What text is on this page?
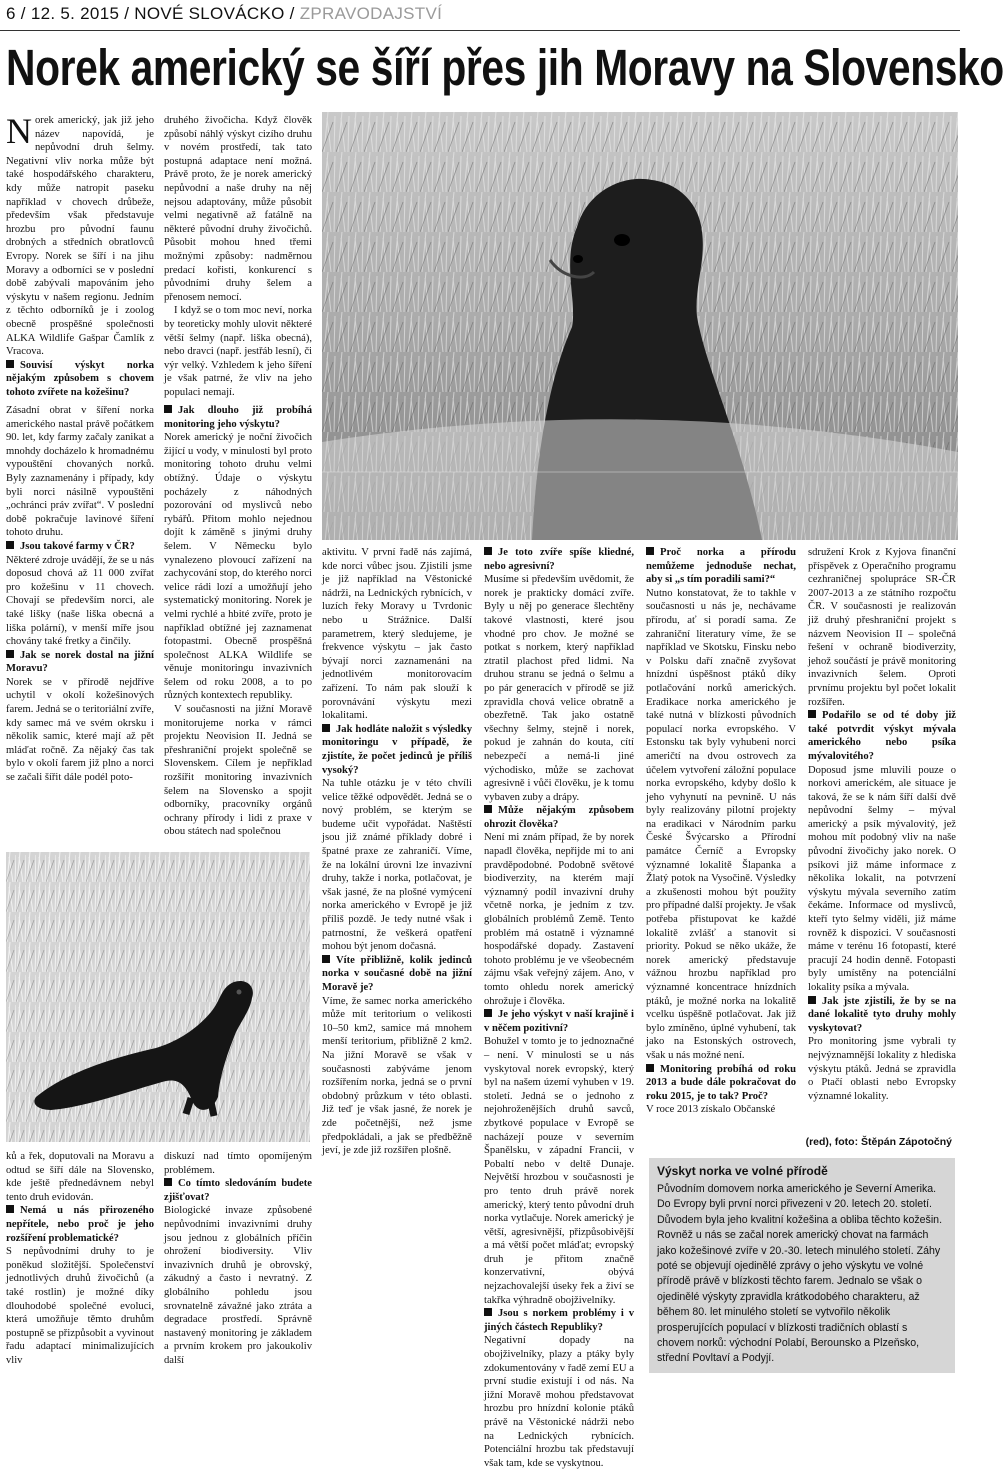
6 / 12. 5. 2015 / NOVÉ SLOVÁCKO / ZPRAVODAJSTVÍ
Norek americký se šíří přes jih Moravy na Slovensko

Norek americký, jak již jeho název napovídá, je nepůvodní druh šelmy. Negativní vliv norka může být také hospodářského charakteru, kdy může natropit paseku například v chovech drůbeže, především však představuje hrozbu pro původní faunu drobných a středních obratlovců Evropy. Norek se šíří i na jihu Moravy a odborníci se v poslední době zabývali mapováním jeho výskytu v našem regionu. Jedním z těchto odborníků je i zoolog obecně prospěšné společnosti ALKA Wildlife Gašpar Čamlík z Vracova.

Souvisí výskyt norka nějakým způsobem s chovem tohoto zvířete na kožešinu?

druhého živočicha. Když člověk způsobí náhlý výskyt cizího druhu v novém prostředí, tak tato postupná adaptace není možná. Právě proto, že je norek americký nepůvodní a naše druhy na něj nejsou adaptovány, může působit velmi negativně až fatálně na některé původní druhy živočichů. Působit mohou hned třemi možnými způsoby: nadměrnou predací kořisti, konkurencí s původními druhy šelem a přenosem nemocí.

I když se o tom moc neví, norka by teoreticky mohly ulovit některé větší šelmy (např. liška obecná), nebo dravci (např. jestřáb lesní), či výr velký. Vzhledem k jeho šíření je však patrné, že vliv na jeho populaci nemají.

Zásadní obrat v šíření norka amerického nastal právě počátkem 90. let, kdy farmy začaly zanikat a mnohdy docházelo k hromadnému vypouštění chovaných norků. Byly zaznamenány i případy, kdy byli norci násilně vypouštěni „ochránci práv zvířat“. V poslední době pokračuje lavinové šíření tohoto druhu.

Jsou takové farmy v ČR?

Některé zdroje uvádějí, že se u nás doposud chová až 11 000 zvířat pro kožešinu v 11 chovech. Chovají se především norci, ale také lišky (naše liška obecná a liška polární), v menší míře jsou chovány také fretky a činčily.

Jak se norek dostal na jižní Moravu?

Norek se v přírodě nejdříve uchytil v okolí kožešinových farem. Jedná se o teritoriální zvíře, kdy samec má ve svém okrsku i několik samic, které mají až pět mláďat ročně. Za nějaký čas tak bylo v okolí farem již plno a norci se začali šířit dále podél poto-

Jak dlouho již probíhá monitoring jeho výskytu?

Norek americký je noční živočich žijící u vody, v minulosti byl proto monitoring tohoto druhu velmi obtížný. Údaje o výskytu pocházely z náhodných pozorování od myslivců nebo rybářů. Přitom mohlo nejednou dojít k záměně s jinými druhy šelem. V Německu bylo vynalezeno plovoucí zařízení na zachycování stop, do kterého norci velice rádi lozí a umožňují jeho systematický monitoring. Norek je velmi rychlé a hbité zvíře, proto je například obtížné jej zaznamenat fotopastmi. Obecně prospěšná společnost ALKA Wildlife se věnuje monitoringu invazivních šelem od roku 2008, a to po různých kontextech republiky.

V současnosti na jižní Moravě monitorujeme norka v rámci projektu Neovision II. Jedná se přeshraniční projekt společně se Slovenskem. Cílem je nepříklad rozšířit monitoring invazivních šelem na Slovensko a spojit odborníky, pracovníky orgánů ochrany přírody i lidi z praxe v obou státech nad společnou

ků a řek, doputovali na Moravu a odtud se šíří dále na Slovensko, kde ještě přednedávnem nebyl tento druh evidován.

Nemá u nás přirozeného nepřítele, nebo proč je jeho rozšíření problematické?

S nepůvodními druhy to je poněkud složitější. Společenství jednotlivých druhů živočichů (a také rostlin) je možné díky dlouhodobé společné evoluci, která umožňuje těmto druhům postupně se přizpůsobit a vyvinout řadu adaptací minimalizujících vliv

aktivitu. V první řadě nás zajímá, kde norci vůbec jsou. Zjistili jsme je již například na Věstonické nádrži, na Lednických rybnících, v luzích řeky Moravy u Tvrdonic nebo u Strážnice. Další parametrem, který sledujeme, je frekvence výskytu – jak často bývají norci zaznamenáni na jednotlivém monitorovacím zařízení. To nám pak slouží k porovnávání výskytu mezi lokalitami.

Jak hodláte naložit s výsledky monitoringu v případě, že zjistíte, že počet jedinců je příliš vysoký?

Na tuhle otázku je v této chvíli velice těžké odpovědět. Jedná se o nový problém, se kterým se budeme učit vypořádat. Naštěstí jsou již známé příklady dobré i špatné praxe ze zahraničí. Víme, že na lokální úrovni lze invazivní druhy, takže i norka, potlačovat, je však jasné, že na plošné vymýcení norka amerického v Evropě je již příliš pozdě. Je tedy nutné však i patrnostní, že veškerá opatření mohou být jenom dočasná.

Víte přibližně, kolik jedinců norka v současné době na jižní Moravě je?

Víme, že samec norka amerického může mít teritorium o velikosti 10–50 km2, samice má mnohem menší teritorium, přibližně 2 km2. Na jižní Moravě se však v současnosti zabýváme jenom rozšířením norka, jedná se o první obdobný průzkum v této oblasti. Již teď je však jasné, že norek je zde početnější, než jsme předpokládali, a jak se předběžně jeví, je zde již rozšířen plošně.

diskuzí nad tímto opomíjeným problémem.

Co tímto sledováním budete zjišťovat?

Biologické invaze způsobené nepůvodními invazivními druhy jsou jednou z globálních příčin ohrožení biodiversity. Vliv invazivních druhů je obrovský, zákudný a často i nevratný. Z globálního pohledu jsou srovnatelně závažné jako ztráta a degradace prostředí. Správně nastavený monitoring je základem a prvním krokem pro jakoukoliv další

Je toto zvíře spíše kliedné, nebo agresivní?

Musíme si především uvědomit, že norek je prakticky domácí zvíře. Byly u něj po generace šlechtěny takové vlastnosti, které jsou vhodné pro chov. Je možné se potkat s norkem, který například ztratil plachost před lidmi. Na druhou stranu se jedná o šelmu a po pár generacích v přírodě se již zpravidla chová velice obratně a obezřetně. Tak jako ostatně všechny šelmy, stejně i norek, pokud je zahnán do kouta, cítí nebezpečí a nemá-li jiné východisko, může se zachovat agresivně i vůči člověku, je k tomu vybaven zuby a drápy.

Může nějakým způsobem ohrozit člověka?

Není mi znám případ, že by norek napadl člověka, nepřijde mi to ani pravděpodobné. Podobně světové biodiverzity, na kterém mají významný podíl invazivní druhy včetně norka, je jedním z tzv. globálních problémů Země. Tento problém má ostatně i významné hospodářské dopady. Zastavení tohoto problému je ve všeobecném zájmu však veřejný zájem. Ano, v tomto ohledu norek americký ohrožuje i člověka.

Je jeho výskyt v naší krajině i v něčem pozitivní?

Bohužel v tomto je to jednoznačné – není. V minulosti se u nás vyskytoval norek evropský, který byl na našem území vyhuben v 19. století. Jedná se o jednoho z nejohroženějších druhů savců, zbytkové populace v Evropě se nacházejí pouze v severním Španělsku, v západní Francii, v Pobaltí nebo v deltě Dunaje. Největší hrozbou v současnosti je pro tento druh právě norek americký, který tento původní druh norka vytlačuje. Norek americký je větší, agresivnější, přizpůsobivější a má větší počet mláďat; evropský druh je přitom značně konzervativní, obývá nejzachovalejší úseky řek a živí se takřka výhradně obojživelníky.

Jsou s norkem problémy i v jiných částech Republiky?

Negativní dopady na obojživelníky, plazy a ptáky byly zdokumentovány v řadě zemí EU a první studie existují i od nás. Na jižní Moravě mohou představovat hrozbu pro hnízdní kolonie ptáků právě na Věstonické nádrži nebo na Lednických rybnících. Potenciální hrozbu tak představují však tam, kde se vyskytnou.

Proč norka a přírodu nemůžeme jednoduše nechat, aby si „s tím poradili sami?“

Nutno konstatovat, že to takhle v současnosti u nás je, nechávame přírodu, ať si poradí sama. Ze zahraniční literatury víme, že se například ve Skotsku, Finsku nebo v Polsku daří značně zvyšovat hnízdní úspěšnost ptáků díky potlačování norků amerických. Eradikace norka amerického je také nutná v blízkosti původních populací norka evropského. V Estonsku tak byly vyhubeni norci američtí na dvou ostrovech za účelem vytvoření záložní populace norka evropského, kdyby došlo k jeho vyhynutí na pevnině. U nás byly realizovány pilotní projekty na eradikaci v Národním parku České Švýcarsko a Přírodní památce Černíč a Evropsky významné lokalitě Šlapanka a Žlatý potok na Vysočině. Výsledky a zkušenosti mohou být použity pro případné další projekty. Je však potřeba přistupovat ke každé lokalitě zvlášť a stanovit si priority. Pokud se něko ukáže, že norek americký představuje vážnou hrozbu například pro významné koncentrace hnízdních ptáků, je možné norka na lokalitě vcelku úspěšně potlačovat. Jak již bylo zmíněno, úplné vyhubení, tak jako na Estonských ostrovech, však u nás možné není.

Monitoring probíhá od roku 2013 a bude dále pokračovat do roku 2015, je to tak? Proč?

V roce 2013 získalo Občanské

sdružení Krok z Kyjova finanční příspěvek z Operačního programu cezhraničnej spolupráce SR-ČR 2007-2013 a ze státního rozpočtu ČR. V současnosti je realizován již druhý přeshraniční projekt s názvem Neovision II – společná řešení v ochraně biodiverzity, jehož součástí je právě monitoring invazivních šelem. Oproti prvnímu projektu byl počet lokalit rozšířen.

Podařilo se od té doby již také potvrdit výskyt mývala amerického nebo psíka mývalovitého?

Doposud jsme mluvili pouze o norkovi americkém, ale situace je taková, že se k nám šíří další dvě nepůvodní šelmy – mýval americký a psík mývalovitý, jež mohou mít podobný vliv na naše původní živočichy jako norek. O psíkovi již máme informace z několika lokalit, na potvrzení výskytu mývala severního zatím čekáme. Informace od myslivců, kteří tyto šelmy viděli, již máme rovněž k dispozici. V současnosti máme v terénu 16 fotopastí, které pracují 24 hodin denně. Fotopasti byly umístěny na potenciální lokality psíka a mývala.

Jak jste zjistili, že by se na dané lokalitě tyto druhy mohly vyskytovat?

Pro monitoring jsme vybrali ty nejvýznamnější lokality z hlediska výskytu ptáků. Jedná se zpravidla o Ptačí oblasti nebo Evropsky významné lokality.

(red), foto: Štěpán Zápotočný
Výskyt norka ve volné přírodě

Původním domovem norka amerického je Severní Amerika. Do Evropy byli první norci přivezeni v 20. letech 20. století. Důvodem byla jeho kvalitní kožešina a obliba těchto kožešin. Rovněž u nás se začal norek americký chovat na farmách jako kožešinové zvíře v 20.-30. letech minulého století. Záhy poté se objevují ojedinělé zprávy o jeho výskytu ve volné přírodě právě v blízkosti těchto farem. Jednalo se však o ojedinělé výskyty zpravidla krátkodobého charakteru, až během 80. let minulého století se vytvořilo několik prosperujících populací v blízkosti tradičních oblastí s chovem norků: východní Polabí, Berounsko a Plzeňsko, střední Povltaví a Podyjí.
